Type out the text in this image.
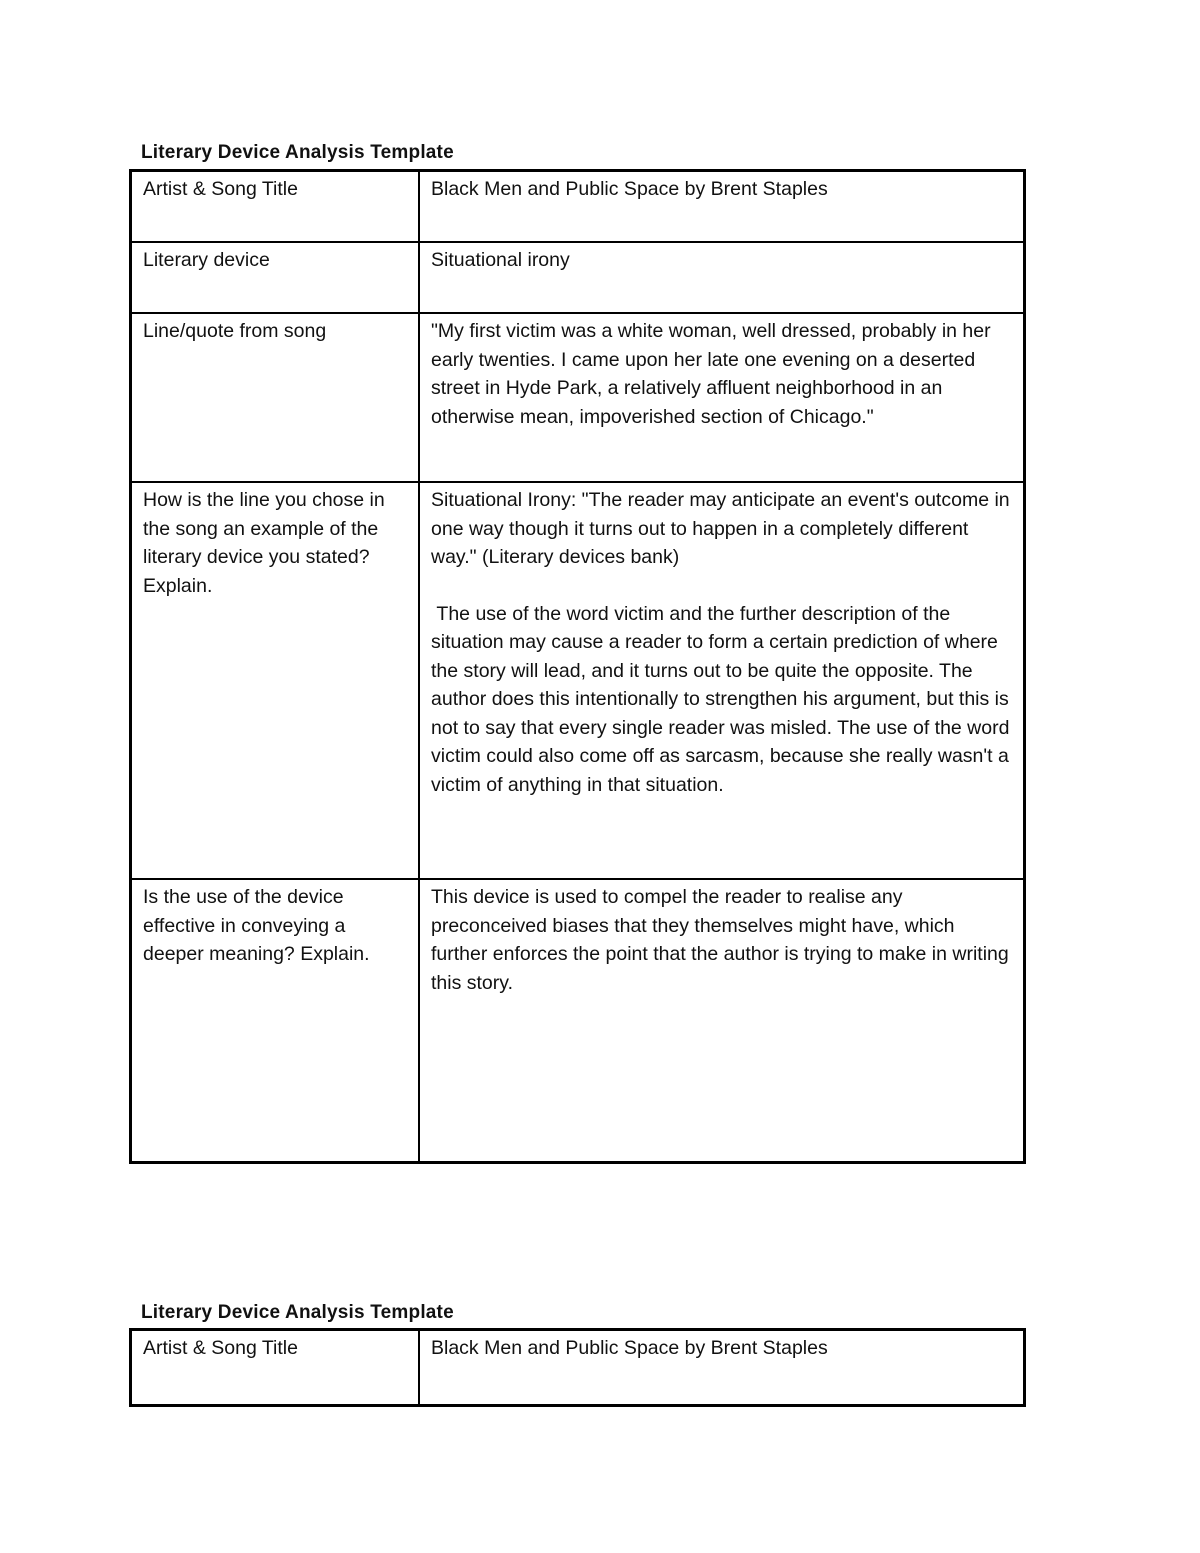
Literary Device Analysis Template
Artist & Song Title	Black Men and Public Space by Brent Staples

Literary device	Situational irony

Line/quote from song	"My first victim was a white woman, well dressed, probably in her early twenties. I came upon her late one evening on a deserted street in Hyde Park, a relatively affluent neighborhood in an otherwise mean, impoverished section of Chicago."

How is the line you chose in the song an example of the literary device you stated? Explain.	Situational Irony: "The reader may anticipate an event's outcome in one way though it turns out to happen in a completely different way." (Literary devices bank)
The use of the word victim and the further description of the situation may cause a reader to form a certain prediction of where the story will lead, and it turns out to be quite the opposite. The author does this intentionally to strengthen his argument, but this is not to say that every single reader was misled. The use of the word victim could also come off as sarcasm, because she really wasn't a victim of anything in that situation.

Is the use of the device effective in conveying a deeper meaning? Explain.	This device is used to compel the reader to realise any preconceived biases that they themselves might have, which further enforces the point that the author is trying to make in writing this story.
Literary Device Analysis Template
Artist & Song Title	Black Men and Public Space by Brent Staples
